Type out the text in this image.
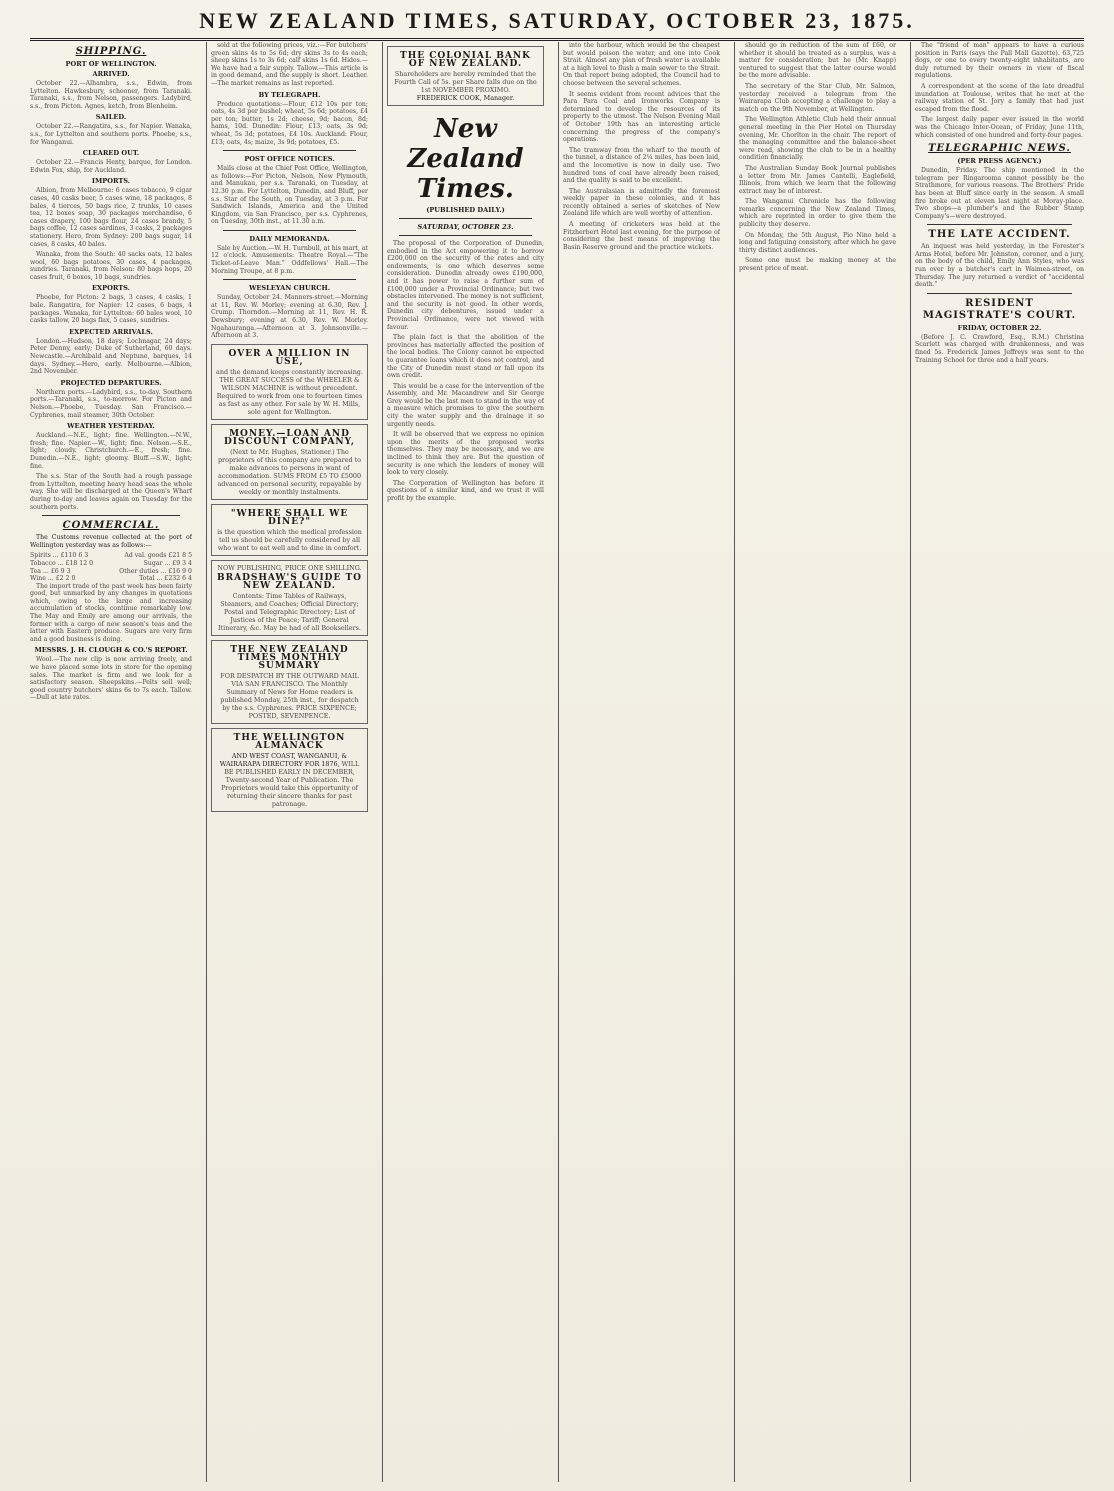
NEW ZEALAND TIMES, SATURDAY, OCTOBER 23, 1875.
SHIPPING.
PORT OF WELLINGTON.
ARRIVED.

October 22.—Alhambra, s.s., Edwin, from Lyttelton. Hawkesbury, schooner, from Taranaki. Taranaki, s.s., from Nelson, passengers. Ladybird, s.s., from Picton. Agnes, ketch, from Blenheim.

SAILED.

October 22.—Rangatira, s.s., for Napier. Wanaka, s.s., for Lyttelton and southern ports. Phoebe, s.s., for Wanganui.

CLEARED OUT.

October 22.—Francis Henty, barque, for London. Edwin Fox, ship, for Auckland.

IMPORTS.

Albion, from Melbourne: 6 cases tobacco, 9 cigar cases, 40 casks beer, 5 cases wine, 18 packages, 8 bales, 4 tierces, 50 bags rice, 2 trunks, 10 cases tea, 12 boxes soap, 30 packages merchandise, 6 cases drapery, 100 bags flour, 24 cases brandy, 5 bags coffee, 12 cases sardines, 3 casks, 2 packages stationery. Hero, from Sydney: 200 bags sugar, 14 cases, 8 casks, 40 bales.

Wanaka, from the South: 40 sacks oats, 12 bales wool, 60 bags potatoes, 30 cases, 4 packages, sundries. Taranaki, from Nelson: 80 bags hops, 20 cases fruit, 6 boxes, 10 bags, sundries.

EXPORTS.

Phoebe, for Picton: 2 bags, 3 cases, 4 casks, 1 bale. Rangatira, for Napier: 12 cases, 6 bags, 4 packages. Wanaka, for Lyttelton: 60 bales wool, 10 casks tallow, 20 bags flax, 5 cases, sundries.

EXPECTED ARRIVALS.

London.—Hudson, 18 days; Lochnagar, 24 days; Peter Denny, early; Duke of Sutherland, 60 days. Newcastle.—Archibald and Neptune, barques, 14 days. Sydney.—Hero, early. Melbourne.—Albion, 2nd November.

PROJECTED DEPARTURES.

Northern ports.—Ladybird, s.s., to-day. Southern ports.—Taranaki, s.s., to-morrow. For Picton and Nelson.—Phoebe, Tuesday. San Francisco.—Cyphrenes, mail steamer, 30th October.

WEATHER YESTERDAY.

Auckland.—N.E., light; fine. Wellington.—N.W., fresh; fine. Napier.—W., light; fine. Nelson.—S.E., light; cloudy. Christchurch.—E., fresh; fine. Dunedin.—N.E., light; gloomy. Bluff.—S.W., light; fine.

The s.s. Star of the South had a rough passage from Lyttelton, meeting heavy head seas the whole way. She will be discharged at the Queen's Wharf during to-day and leaves again on Tuesday for the southern ports.

COMMERCIAL.

The Customs revenue collected at the port of Wellington yesterday was as follows:—

Spirits ... £110 6 3	Ad val. goods £21 8 5
Tobacco ... £18 12 0	Sugar ... £9 3 4
Tea ... £6 9 3	Other duties ... £16 9 0
Wine ... £2 2 0	Total ... £232 6 4

The import trade of the past week has been fairly good, but unmarked by any changes in quotations which, owing to the large and increasing accumulation of stocks, continue remarkably low. The May and Emily are among our arrivals, the former with a cargo of new season's teas and the latter with Eastern produce. Sugars are very firm and a good business is doing.

MESSRS. J. H. CLOUGH & CO.'S REPORT.

Wool.—The new clip is now arriving freely, and we have placed some lots in store for the opening sales. The market is firm and we look for a satisfactory season. Sheepskins.—Pelts sell well; good country butchers' skins 6s to 7s each. Tallow.—Dull at late rates.

sold at the following prices, viz.:—For butchers' green skins 4s to 5s 6d; dry skins 3s to 4s each; sheep skins 1s to 3s 6d; calf skins 1s 6d. Hides.—We have had a fair supply. Tallow.—This article is in good demand, and the supply is short. Leather.—The market remains as last reported.

BY TELEGRAPH.

Produce quotations:—Flour, £12 10s per ton; oats, 4s 3d per bushel; wheat, 5s 6d; potatoes, £4 per ton; butter, 1s 2d; cheese, 9d; bacon, 8d; hams, 10d. Dunedin: Flour, £13; oats, 3s 9d; wheat, 5s 3d; potatoes, £4 10s. Auckland: Flour, £13; oats, 4s; maize, 3s 9d; potatoes, £5.

POST OFFICE NOTICES.

Mails close at the Chief Post Office, Wellington, as follows:—For Picton, Nelson, New Plymouth, and Manukau, per s.s. Taranaki, on Tuesday, at 12.30 p.m. For Lyttelton, Dunedin, and Bluff, per s.s. Star of the South, on Tuesday, at 3 p.m. For Sandwich Islands, America and the United Kingdom, via San Francisco, per s.s. Cyphrenes, on Tuesday, 30th inst., at 11.30 a.m.

DAILY MEMORANDA.

Sale by Auction.—W. H. Turnbull, at his mart, at 12 o'clock. Amusements: Theatre Royal.—"The Ticket-of-Leave Man." Oddfellows' Hall.—The Morning Troupe, at 8 p.m.

WESLEYAN CHURCH.

Sunday, October 24. Manners-street.—Morning at 11, Rev. W. Morley; evening at 6.30, Rev. J. Crump. Thorndon.—Morning at 11, Rev. H. R. Dewsbury; evening at 6.30, Rev. W. Morley. Ngahauranga.—Afternoon at 3. Johnsonville.—Afternoon at 3.

OVER A MILLION IN USE,
and the demand keeps constantly increasing. THE GREAT SUCCESS of the WHEELER & WILSON MACHINE is without precedent. Required to work from one to fourteen times as fast as any other. For sale by W. H. Mills, sole agent for Wellington.
MONEY.—LOAN AND DISCOUNT COMPANY,
(Next to Mr. Hughes, Stationer.) The proprietors of this company are prepared to make advances to persons in want of accommodation. SUMS FROM £5 TO £5000 advanced on personal security, repayable by weekly or monthly instalments.
"WHERE SHALL WE DINE?"
is the question which the medical profession tell us should be carefully considered by all who want to eat well and to dine in comfort.
NOW PUBLISHING, PRICE ONE SHILLING.
BRADSHAW'S GUIDE TO NEW ZEALAND.
Contents: Time Tables of Railways, Steamers, and Coaches; Official Directory; Postal and Telegraphic Directory; List of Justices of the Peace; Tariff; General Itinerary, &c. May be had of all Booksellers.
THE NEW ZEALAND TIMES MONTHLY SUMMARY
FOR DESPATCH BY THE OUTWARD MAIL VIA SAN FRANCISCO. The Monthly Summary of News for Home readers is published Monday, 25th inst., for despatch by the s.s. Cyphrenes. PRICE SIXPENCE; POSTED, SEVENPENCE.
THE WELLINGTON ALMANACK
AND WEST COAST, WANGANUI, & WAIRARAPA DIRECTORY FOR 1876, WILL BE PUBLISHED EARLY IN DECEMBER, Twenty-second Year of Publication. The Proprietors would take this opportunity of returning their sincere thanks for past patronage.
THE COLONIAL BANK OF NEW ZEALAND.
Shareholders are hereby reminded that the Fourth Call of 5s. per Share falls due on the 1st NOVEMBER PROXIMO.
FREDERICK COOK, Manager.
New Zealand Times.
(PUBLISHED DAILY.)
SATURDAY, OCTOBER 23.

The proposal of the Corporation of Dunedin, embodied in the Act empowering it to borrow £200,000 on the security of the rates and city endowments, is one which deserves some consideration. Dunedin already owes £190,000, and it has power to raise a further sum of £100,000 under a Provincial Ordinance; but two obstacles intervened. The money is not sufficient, and the security is not good. In other words, Dunedin city debentures, issued under a Provincial Ordinance, were not viewed with favour.

The plain fact is that the abolition of the provinces has materially affected the position of the local bodies. The Colony cannot be expected to guarantee loans which it does not control, and the City of Dunedin must stand or fall upon its own credit.

This would be a case for the intervention of the Assembly, and Mr. Macandrew and Sir George Grey would be the last men to stand in the way of a measure which promises to give the southern city the water supply and the drainage it so urgently needs.

It will be observed that we express no opinion upon the merits of the proposed works themselves. They may be necessary, and we are inclined to think they are. But the question of security is one which the lenders of money will look to very closely.

The Corporation of Wellington has before it questions of a similar kind, and we trust it will profit by the example.

into the harbour, which would be the cheapest but would poison the water, and one into Cook Strait. Almost any plan of fresh water is available at a high level to flush a main sewer to the Strait. On that report being adopted, the Council had to choose between the several schemes.

It seems evident from recent advices that the Para Para Coal and Ironworks Company is determined to develop the resources of its property to the utmost. The Nelson Evening Mail of October 19th has an interesting article concerning the progress of the company's operations.

The tramway from the wharf to the mouth of the tunnel, a distance of 2¼ miles, has been laid, and the locomotive is now in daily use. Two hundred tons of coal have already been raised, and the quality is said to be excellent.

The Australasian is admittedly the foremost weekly paper in these colonies, and it has recently obtained a series of sketches of New Zealand life which are well worthy of attention.

A meeting of cricketers was held at the Fitzherbert Hotel last evening, for the purpose of considering the best means of improving the Basin Reserve ground and the practice wickets.

should go in reduction of the sum of £60, or whether it should be treated as a surplus, was a matter for consideration; but he (Mr. Knapp) ventured to suggest that the latter course would be the more advisable.

The secretary of the Star Club, Mr. Salmon, yesterday received a telegram from the Wairarapa Club accepting a challenge to play a match on the 9th November, at Wellington.

The Wellington Athletic Club held their annual general meeting in the Pier Hotel on Thursday evening, Mr. Chorlton in the chair. The report of the managing committee and the balance-sheet were read, showing the club to be in a healthy condition financially.

The Australian Sunday Book Journal publishes a letter from Mr. James Cantelli, Eaglefield, Illinois, from which we learn that the following extract may be of interest.

The Wanganui Chronicle has the following remarks concerning the New Zealand Times, which are reprinted in order to give them the publicity they deserve.

On Monday, the 5th August, Pio Nino held a long and fatiguing consistory, after which he gave thirty distinct audiences.

Some one must be making money at the present price of meat.

The "friend of man" appears to have a curious position in Paris (says the Pall Mall Gazette). 63,725 dogs, or one to every twenty-eight inhabitants, are duly returned by their owners in view of fiscal regulations.

A correspondent at the scene of the late dreadful inundation at Toulouse, writes that he met at the railway station of St. Jory a family that had just escaped from the flood.

The largest daily paper ever issued in the world was the Chicago Inter-Ocean, of Friday, June 11th, which consisted of one hundred and forty-four pages.

TELEGRAPHIC NEWS.
(PER PRESS AGENCY.)

Dunedin, Friday. The ship mentioned in the telegram per Ringarooma cannot possibly be the Strathmore, for various reasons. The Brothers' Pride has been at Bluff since early in the season. A small fire broke out at eleven last night at Moray-place. Two shops—a plumber's and the Rubber Stamp Company's—were destroyed.

THE LATE ACCIDENT.

An inquest was held yesterday, in the Forester's Arms Hotel, before Mr. Johnston, coroner, and a jury, on the body of the child, Emily Ann Styles, who was run over by a butcher's cart in Waimea-street, on Thursday. The jury returned a verdict of "accidental death."

RESIDENT MAGISTRATE'S COURT.
FRIDAY, OCTOBER 22.

(Before J. C. Crawford, Esq., R.M.) Christina Scarlett was charged with drunkenness, and was fined 5s. Frederick James Jeffreys was sent to the Training School for three and a half years.
